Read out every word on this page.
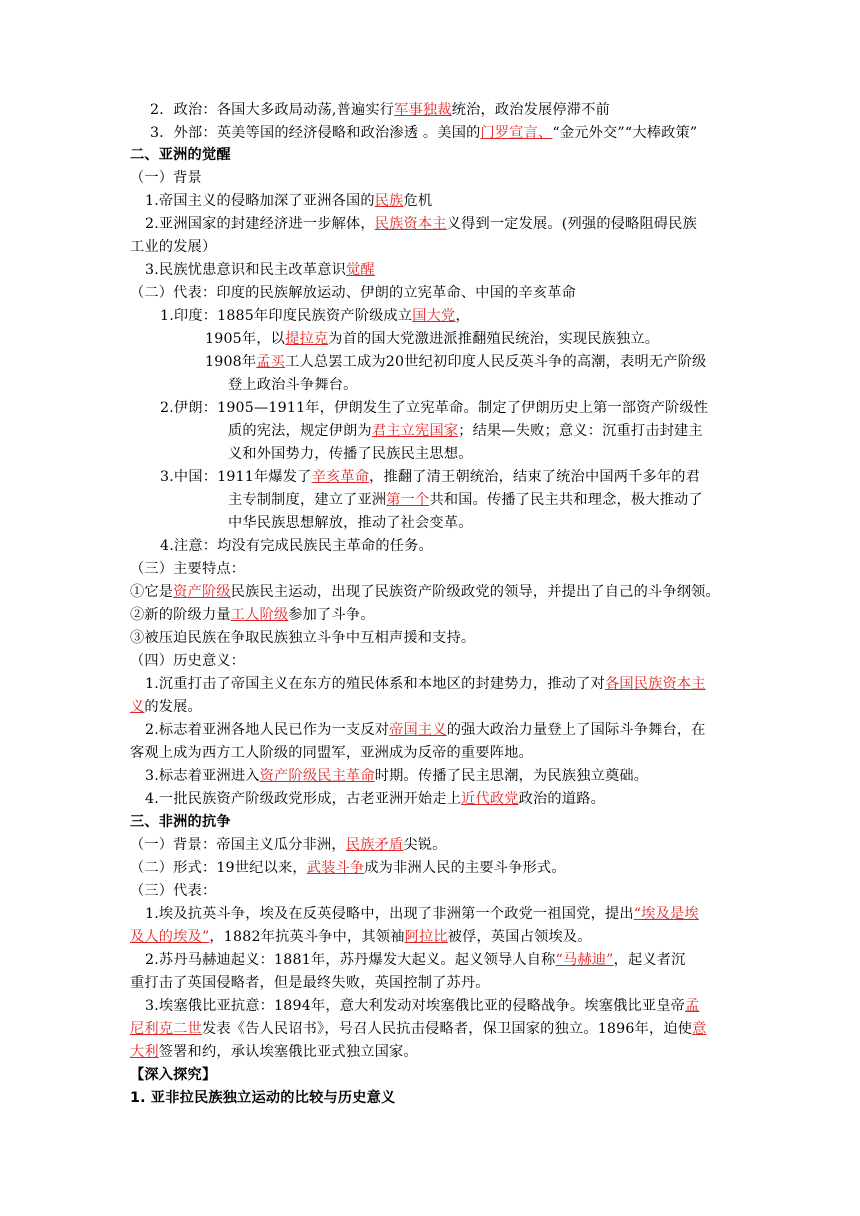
2．政治：各国大多政局动荡,普遍实行军事独裁统治，政治发展停滞不前
3．外部：英美等国的经济侵略和政治渗透 。美国的门罗宣言、“金元外交”“大棒政策”
二、亚洲的觉醒
（一）背景
1.帝国主义的侵略加深了亚洲各国的民族危机
2.亚洲国家的封建经济进一步解体，民族资本主义得到一定发展。(列强的侵略阻碍民族
工业的发展）
3.民族忧患意识和民主改革意识觉醒
（二）代表：印度的民族解放运动、伊朗的立宪革命、中国的辛亥革命
1.印度：1885年印度民族资产阶级成立国大党，
1905年，以提拉克为首的国大党激进派推翻殖民统治，实现民族独立。
1908年孟买工人总罢工成为20世纪初印度人民反英斗争的高潮，表明无产阶级
登上政治斗争舞台。
2.伊朗：1905—1911年，伊朗发生了立宪革命。制定了伊朗历史上第一部资产阶级性
质的宪法，规定伊朗为君主立宪国家；结果—失败；意义：沉重打击封建主
义和外国势力，传播了民族民主思想。
3.中国：1911年爆发了辛亥革命，推翻了清王朝统治，结束了统治中国两千多年的君
主专制制度，建立了亚洲第一个共和国。传播了民主共和理念，极大推动了
中华民族思想解放，推动了社会变革。
4.注意：均没有完成民族民主革命的任务。
（三）主要特点：
①它是资产阶级民族民主运动，出现了民族资产阶级政党的领导，并提出了自己的斗争纲领。
②新的阶级力量工人阶级参加了斗争。
③被压迫民族在争取民族独立斗争中互相声援和支持。
（四）历史意义：
1.沉重打击了帝国主义在东方的殖民体系和本地区的封建势力，推动了对各国民族资本主
义的发展。
2.标志着亚洲各地人民已作为一支反对帝国主义的强大政治力量登上了国际斗争舞台，在
客观上成为西方工人阶级的同盟军，亚洲成为反帝的重要阵地。
3.标志着亚洲进入资产阶级民主革命时期。传播了民主思潮，为民族独立奠础。
4.一批民族资产阶级政党形成，古老亚洲开始走上近代政党政治的道路。
三、非洲的抗争
（一）背景：帝国主义瓜分非洲，民族矛盾尖锐。
（二）形式：19世纪以来，武装斗争成为非洲人民的主要斗争形式。
（三）代表：
1.埃及抗英斗争，埃及在反英侵略中，出现了非洲第一个政党一祖国党，提出“埃及是埃
及人的埃及”，1882年抗英斗争中，其领袖阿拉比被俘，英国占领埃及。
2.苏丹马赫迪起义：1881年，苏丹爆发大起义。起义领导人自称“马赫迪”，起义者沉
重打击了英国侵略者，但是最终失败，英国控制了苏丹。
3.埃塞俄比亚抗意：1894年，意大利发动对埃塞俄比亚的侵略战争。埃塞俄比亚皇帝孟
尼利克二世发表《告人民诏书》，号召人民抗击侵略者，保卫国家的独立。1896年，迫使意
大利签署和约，承认埃塞俄比亚式独立国家。
【深入探究】
1. 亚非拉民族独立运动的比较与历史意义
